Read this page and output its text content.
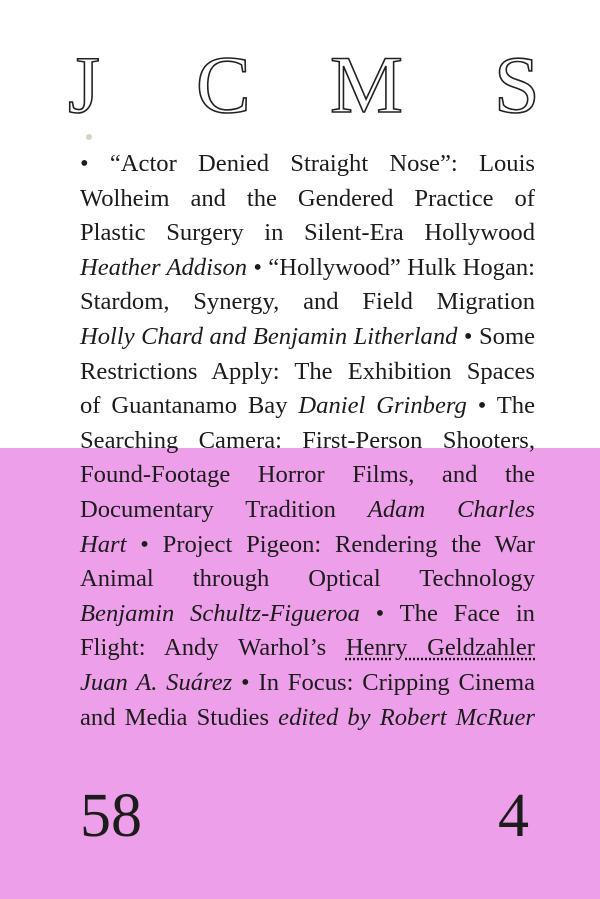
J C M S
• “Actor Denied Straight Nose”: Louis
Wolheim and the Gendered Practice of
Plastic Surgery in Silent-Era Hollywood
Heather Addison • “Hollywood” Hulk Hogan:
Stardom, Synergy, and Field Migration
Holly Chard and Benjamin Litherland • Some
Restrictions Apply: The Exhibition Spaces
of Guantanamo Bay Daniel Grinberg • The
Searching Camera: First-Person Shooters,
Found-Footage Horror Films, and the
Documentary Tradition Adam Charles
Hart • Project Pigeon: Rendering the War
Animal through Optical Technology
Benjamin Schultz-Figueroa • The Face in
Flight: Andy Warhol’s Henry Geldzahler
Juan A. Suárez • In Focus: Cripping Cinema
and Media Studies edited by Robert McRuer
58	4
